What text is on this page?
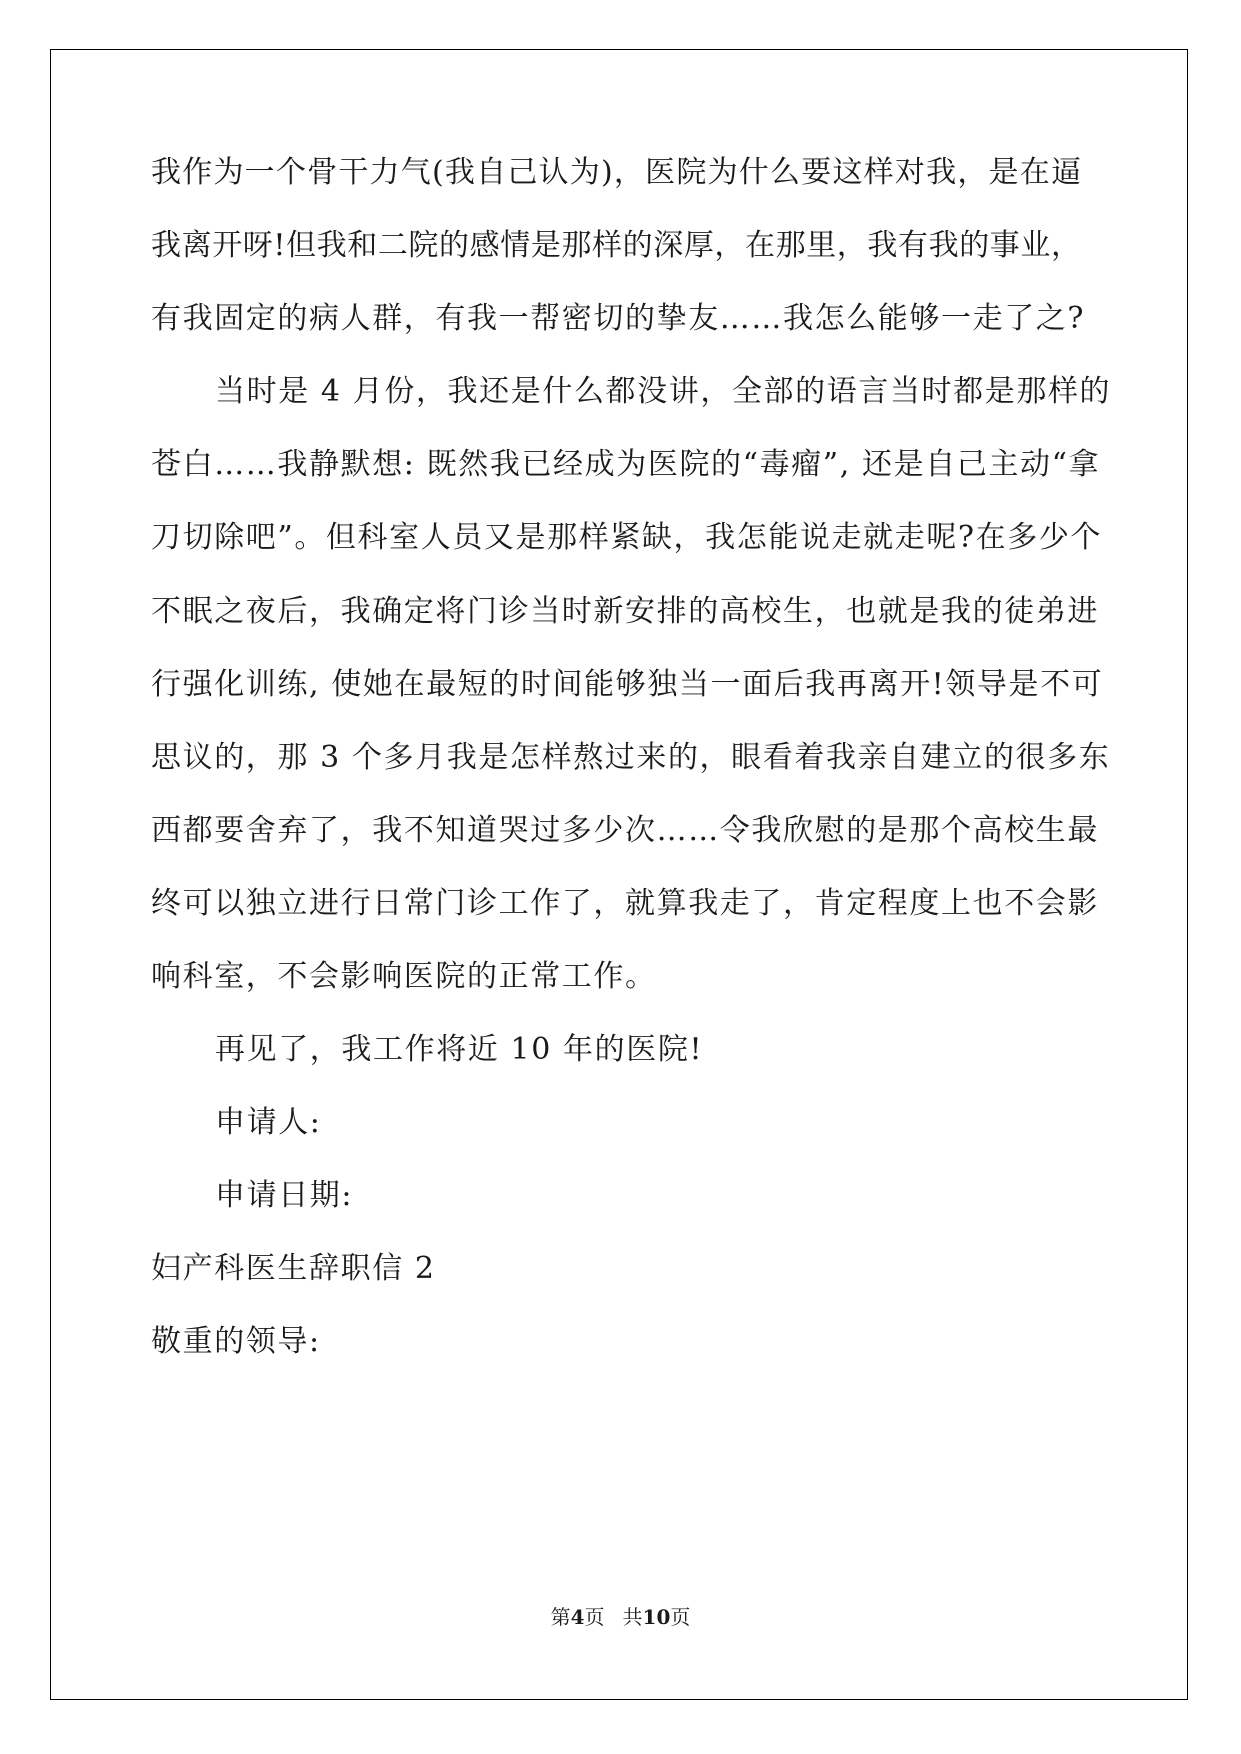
我作为一个骨干力气(我自己认为)，医院为什么要这样对我，是在逼
我离开呀!但我和二院的感情是那样的深厚，在那里，我有我的事业，
有我固定的病人群，有我一帮密切的挚友……我怎么能够一走了之?
当时是 4 月份，我还是什么都没讲，全部的语言当时都是那样的
苍白……我静默想: 既然我已经成为医院的“毒瘤”, 还是自己主动“拿
刀切除吧”。但科室人员又是那样紧缺，我怎能说走就走呢?在多少个
不眠之夜后，我确定将门诊当时新安排的高校生，也就是我的徒弟进
行强化训练, 使她在最短的时间能够独当一面后我再离开!领导是不可
思议的，那 3 个多月我是怎样熬过来的，眼看着我亲自建立的很多东
西都要舍弃了，我不知道哭过多少次……令我欣慰的是那个高校生最
终可以独立进行日常门诊工作了，就算我走了，肯定程度上也不会影
响科室，不会影响医院的正常工作。
再见了，我工作将近 10 年的医院!
申请人:
申请日期:
妇产科医生辞职信 2
敬重的领导:
第4页 共10页
